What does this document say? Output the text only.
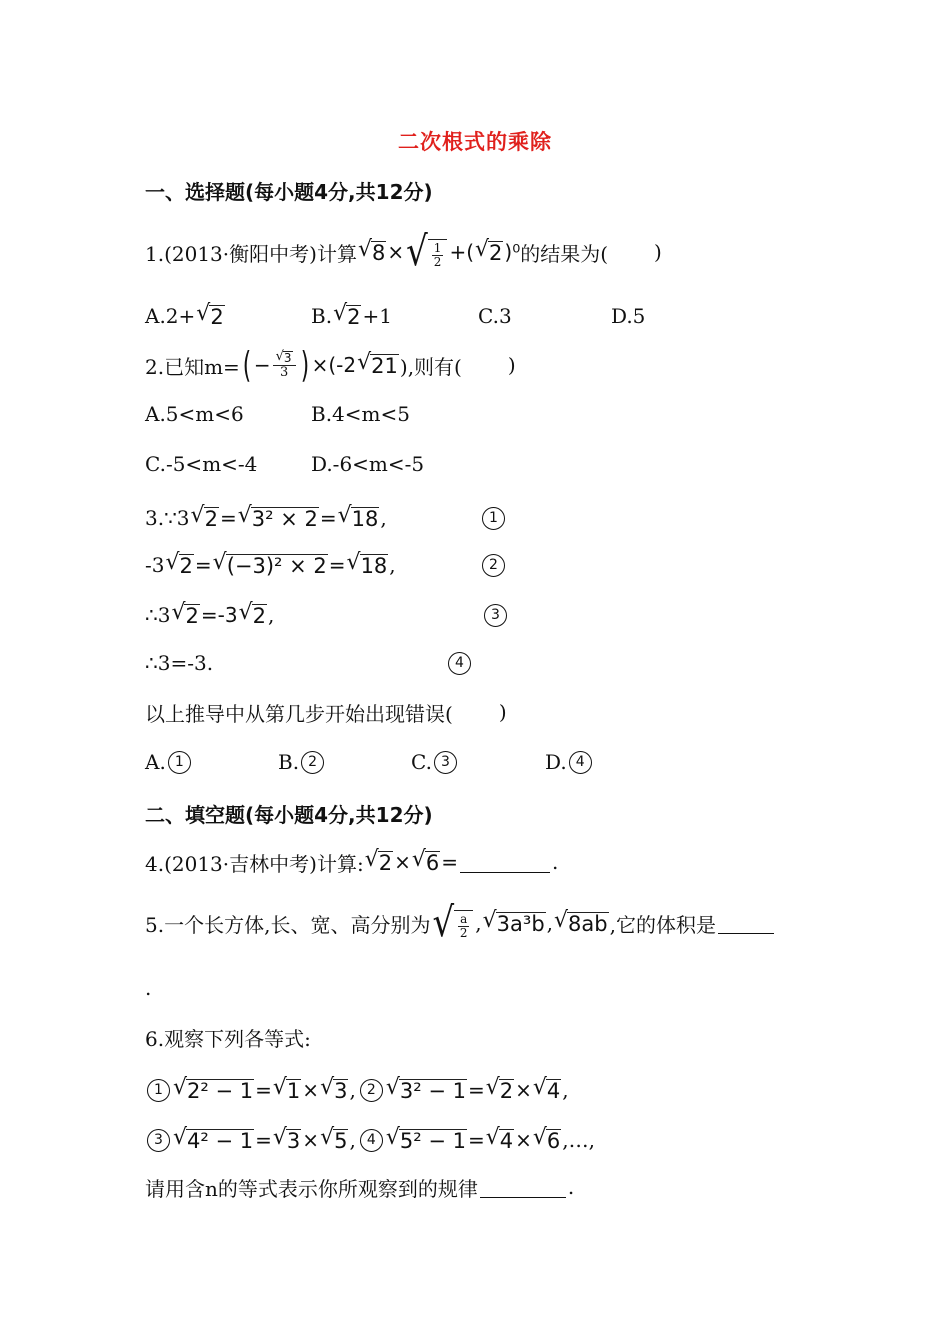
二次根式的乘除
一、选择题(每小题4分,共12分)
1.(2013·衡阳中考)计算 √ 8 × √ $\frac{1}{2}$ +( √ 2 )⁰ 的结果为( )
A.2+ √ 2	B. √ 2 +1	C.3	D.5
2.已知m= ( − $\frac{√ 3}{3}$ ) ×(-2 √ 21 ),则有( )
A.5<m<6	B.4<m<5
C.-5<m<-4	D.-6<m<-5
3.∵3 √ 2 = √ 3² × 2 = √ 18 ,	1
-3 √ 2 = √ (−3)² × 2 = √ 18 ,	2
∴3 √ 2 =-3 √ 2 ,	3
∴3=-3.	4
以上推导中从第几步开始出现错误( )
A. 1	B. 2	C. 3	D. 4
二、填空题(每小题4分,共12分)
4.(2013·吉林中考)计算: √ 2 × √ 6 =	.
5.一个长方体,长、宽、高分别为 √ $\frac{a}{2}$ , √ 3a³b , √ 8ab ,它的体积是
.
6.观察下列各等式:
1 √ 2² − 1 = √ 1 × √ 3 , 2 √ 3² − 1 = √ 2 × √ 4 ,
3 √ 4² − 1 = √ 3 × √ 5 , 4 √ 5² − 1 = √ 4 × √ 6 ,…,
请用含n的等式表示你所观察到的规律	.
